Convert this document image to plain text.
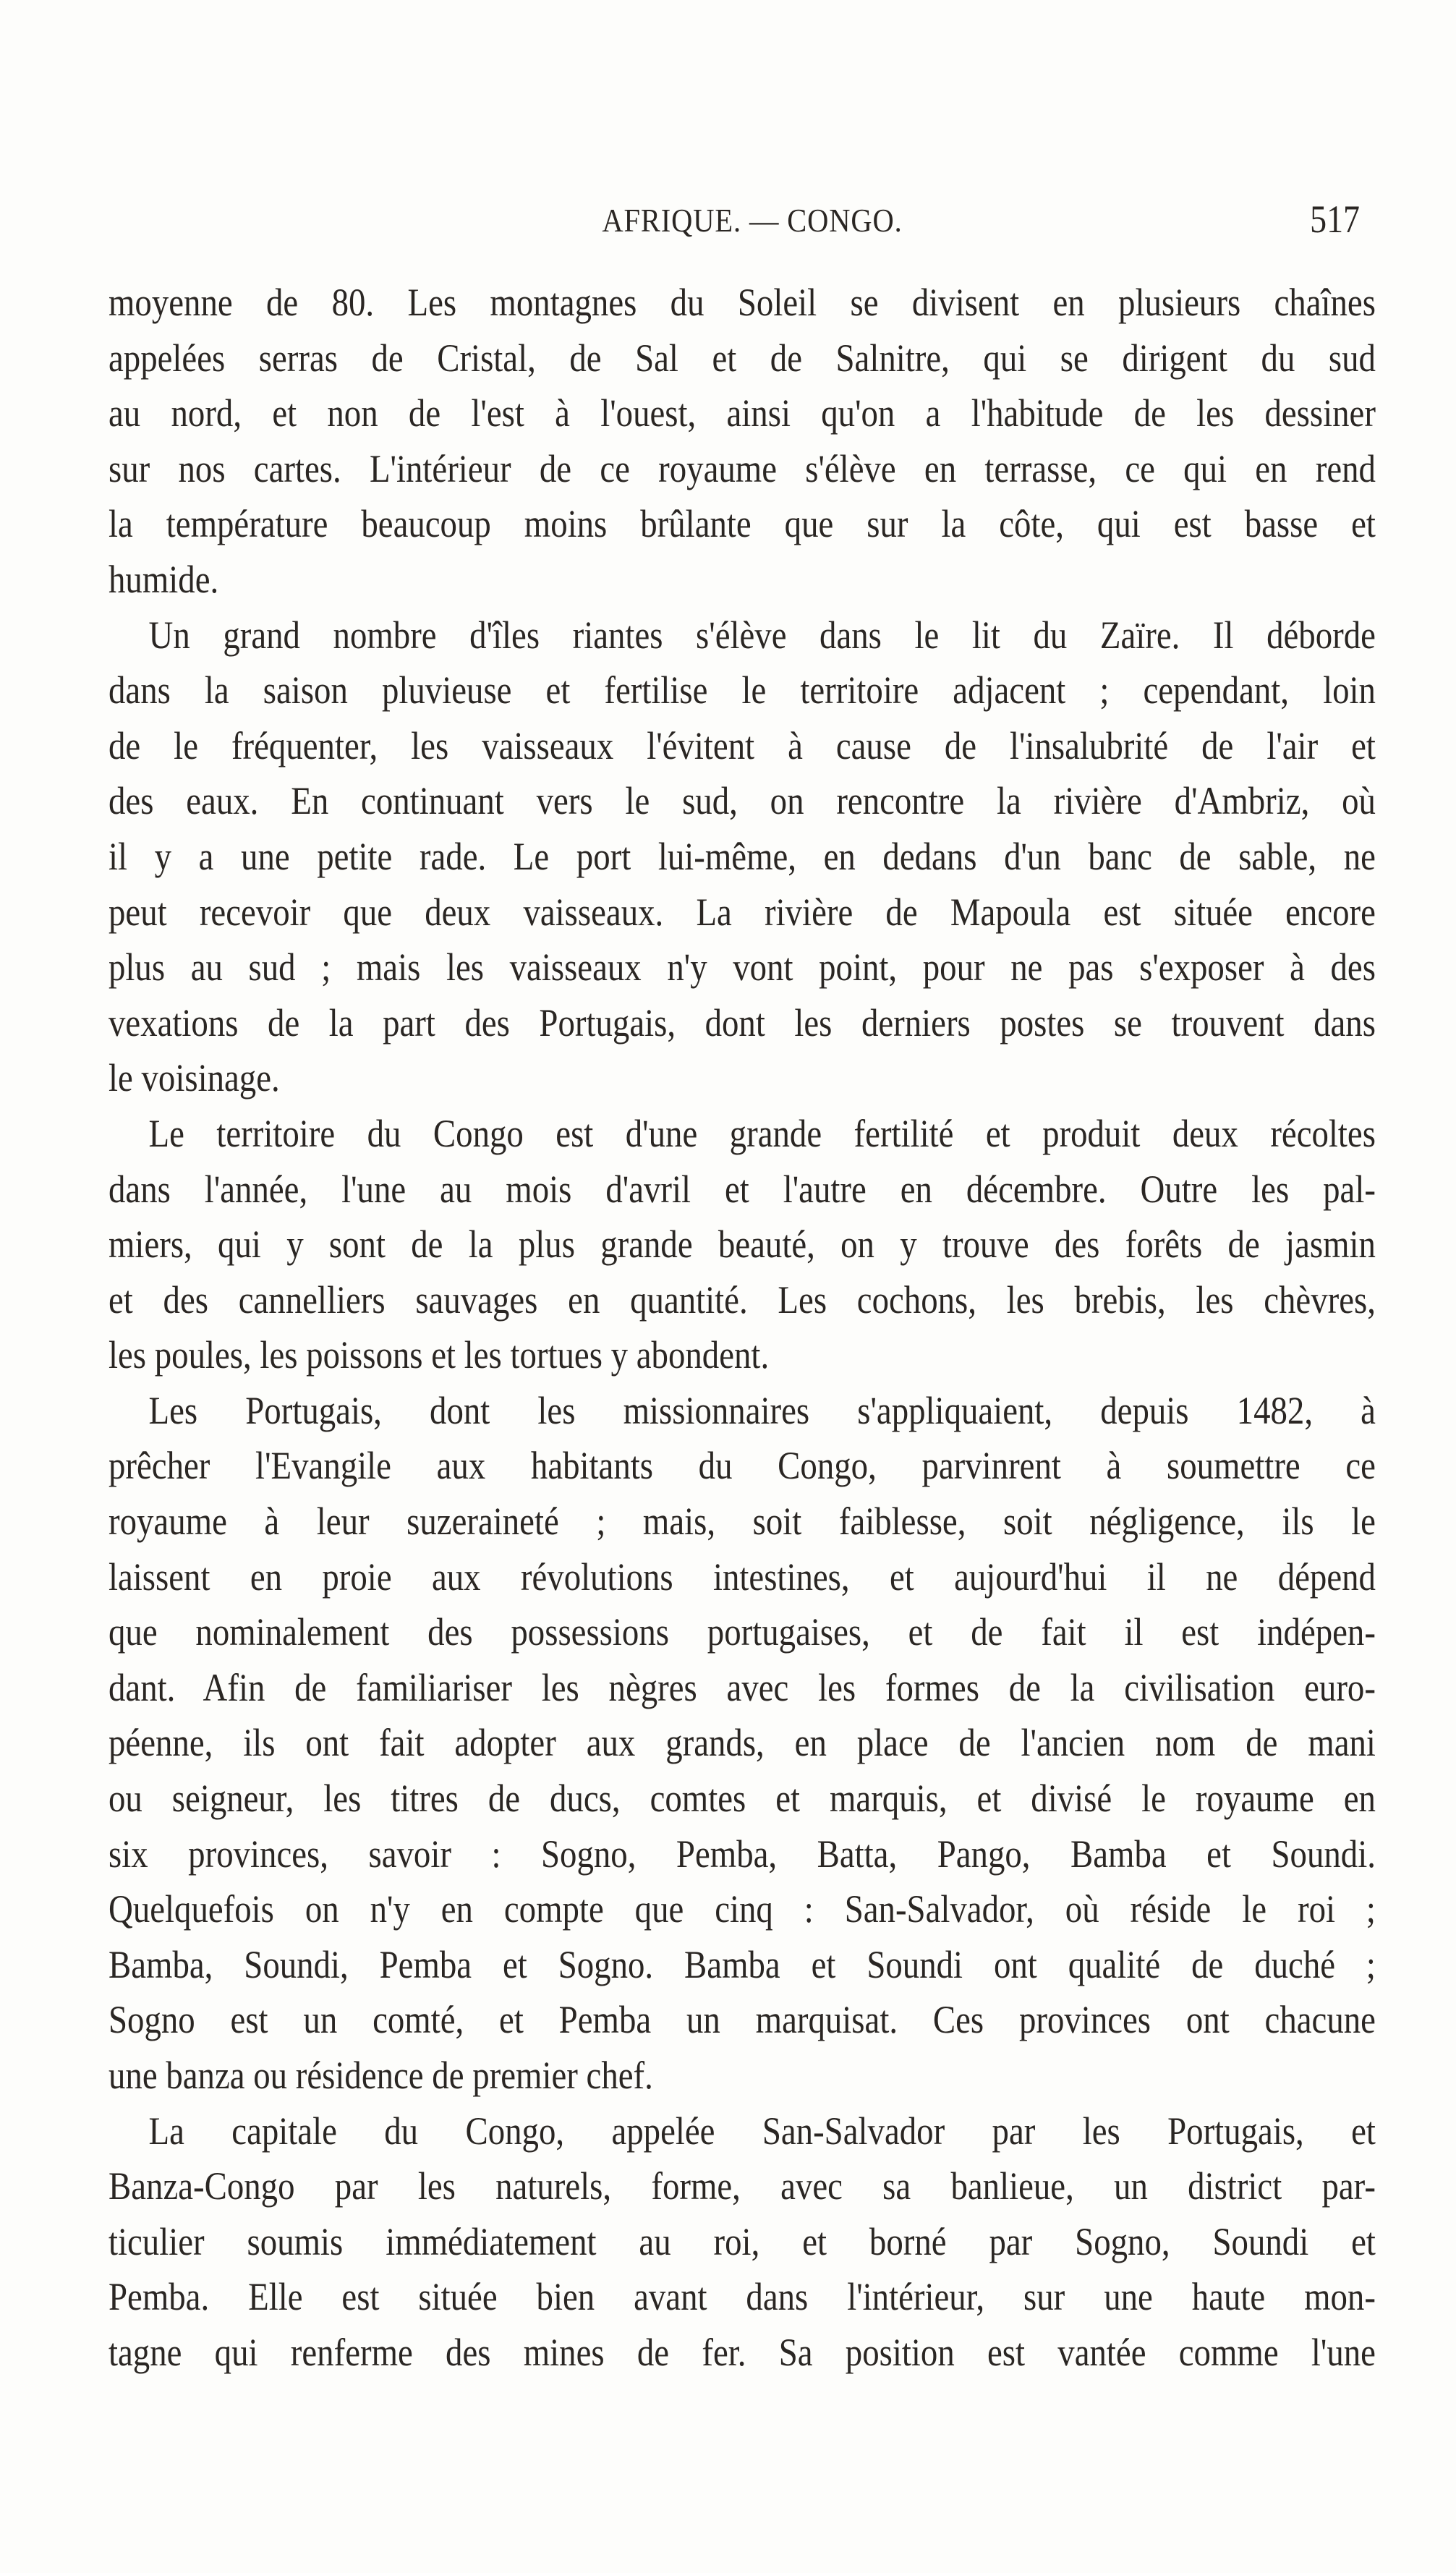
AFRIQUE. — CONGO.	517
moyenne de 80. Les montagnes du Soleil se divisent en plusieurs chaînes
appelées serras de Cristal, de Sal et de Salnitre, qui se dirigent du sud
au nord, et non de l'est à l'ouest, ainsi qu'on a l'habitude de les dessiner
sur nos cartes. L'intérieur de ce royaume s'élève en terrasse, ce qui en rend
la température beaucoup moins brûlante que sur la côte, qui est basse et
humide.
Un grand nombre d'îles riantes s'élève dans le lit du Zaïre. Il déborde
dans la saison pluvieuse et fertilise le territoire adjacent ; cependant, loin
de le fréquenter, les vaisseaux l'évitent à cause de l'insalubrité de l'air et
des eaux. En continuant vers le sud, on rencontre la rivière d'Ambriz, où
il y a une petite rade. Le port lui-même, en dedans d'un banc de sable, ne
peut recevoir que deux vaisseaux. La rivière de Mapoula est située encore
plus au sud ; mais les vaisseaux n'y vont point, pour ne pas s'exposer à des
vexations de la part des Portugais, dont les derniers postes se trouvent dans
le voisinage.
Le territoire du Congo est d'une grande fertilité et produit deux récoltes
dans l'année, l'une au mois d'avril et l'autre en décembre. Outre les pal-
miers, qui y sont de la plus grande beauté, on y trouve des forêts de jasmin
et des cannelliers sauvages en quantité. Les cochons, les brebis, les chèvres,
les poules, les poissons et les tortues y abondent.
Les Portugais, dont les missionnaires s'appliquaient, depuis 1482, à
prêcher l'Evangile aux habitants du Congo, parvinrent à soumettre ce
royaume à leur suzeraineté ; mais, soit faiblesse, soit négligence, ils le
laissent en proie aux révolutions intestines, et aujourd'hui il ne dépend
que nominalement des possessions portugaises, et de fait il est indépen-
dant. Afin de familiariser les nègres avec les formes de la civilisation euro-
péenne, ils ont fait adopter aux grands, en place de l'ancien nom de mani
ou seigneur, les titres de ducs, comtes et marquis, et divisé le royaume en
six provinces, savoir : Sogno, Pemba, Batta, Pango, Bamba et Soundi.
Quelquefois on n'y en compte que cinq : San-Salvador, où réside le roi ;
Bamba, Soundi, Pemba et Sogno. Bamba et Soundi ont qualité de duché ;
Sogno est un comté, et Pemba un marquisat. Ces provinces ont chacune
une banza ou résidence de premier chef.
La capitale du Congo, appelée San-Salvador par les Portugais, et
Banza-Congo par les naturels, forme, avec sa banlieue, un district par-
ticulier soumis immédiatement au roi, et borné par Sogno, Soundi et
Pemba. Elle est située bien avant dans l'intérieur, sur une haute mon-
tagne qui renferme des mines de fer. Sa position est vantée comme l'une
